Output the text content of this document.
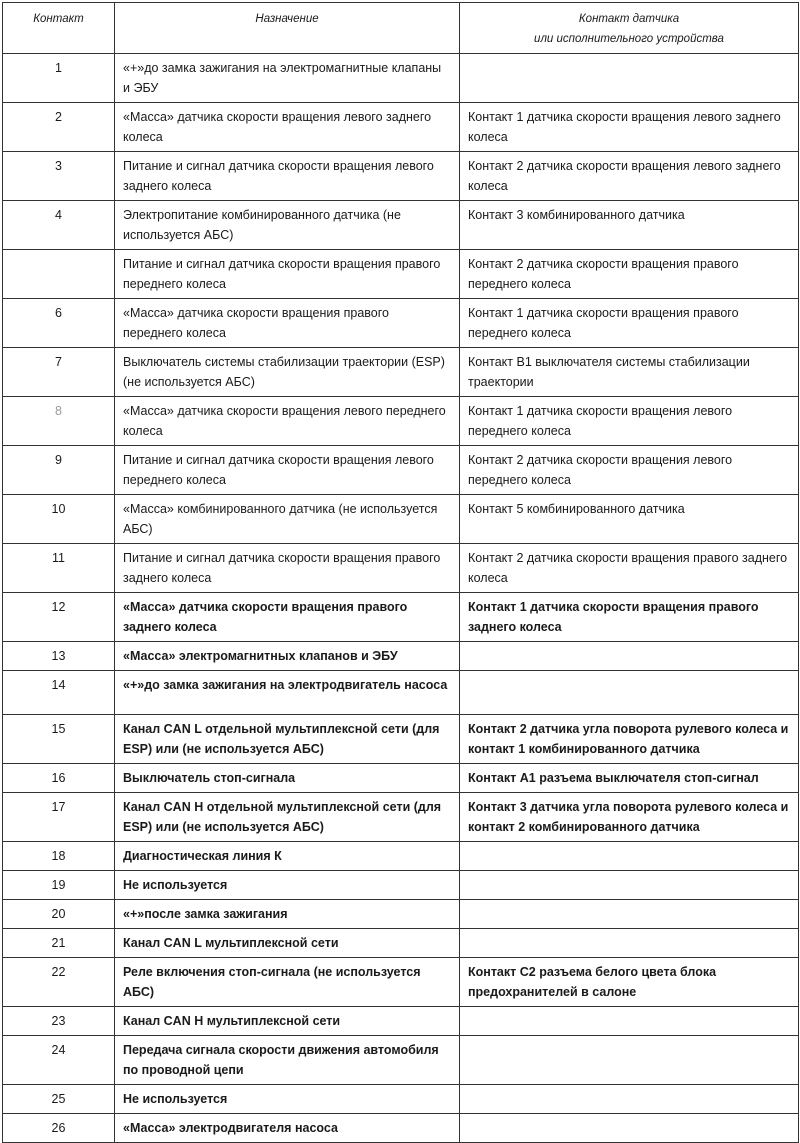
Контакт	Назначение	Контакт датчика
или исполнительного устройства

1	«+»до замка зажигания на электромагнитные клапаны и ЭБУ	
2	«Масса» датчика скорости вращения левого заднего колеса	Контакт 1 датчика скорости вращения левого заднего колеса
3	Питание и сигнал датчика скорости вращения левого заднего колеса	Контакт 2 датчика скорости вращения левого заднего колеса
4	Электропитание комбинированного датчика (не используется АБС)	Контакт 3 комбинированного датчика
	Питание и сигнал датчика скорости вращения правого переднего колеса	Контакт 2 датчика скорости вращения правого переднего колеса
6	«Масса» датчика скорости вращения правого переднего колеса	Контакт 1 датчика скорости вращения правого переднего колеса
7	Выключатель системы стабилизации траектории (ESP) (не используется АБС)	Контакт В1 выключателя системы стабилизации траектории
8	«Масса» датчика скорости вращения левого переднего колеса	Контакт 1 датчика скорости вращения левого переднего колеса
9	Питание и сигнал датчика скорости вращения левого переднего колеса	Контакт 2 датчика скорости вращения левого переднего колеса
10	«Масса» комбинированного датчика (не используется АБС)	Контакт 5 комбинированного датчика
11	Питание и сигнал датчика скорости вращения правого заднего колеса	Контакт 2 датчика скорости вращения правого заднего колеса
12	«Масса» датчика скорости вращения правого заднего колеса	Контакт 1 датчика скорости вращения правого заднего колеса
13	«Масса» электромагнитных клапанов и ЭБУ	
14	«+»до замка зажигания на электродвигатель насоса	
15	Канал CAN L отдельной мультиплексной сети (для ESP) или (не используется АБС)	Контакт 2 датчика угла поворота рулевого колеса и контакт 1 комбинированного датчика
16	Выключатель стоп-сигнала	Контакт А1 разъема выключателя стоп-сигнал
17	Канал CAN H отдельной мультиплексной сети (для ESP) или (не используется АБС)	Контакт 3 датчика угла поворота рулевого колеса и контакт 2 комбинированного датчика
18	Диагностическая линия К	
19	Не используется	
20	«+»после замка зажигания	
21	Канал CAN L мультиплексной сети	
22	Реле включения стоп-сигнала (не используется АБС)	Контакт С2 разъема белого цвета блока предохранителей в салоне
23	Канал CAN H мультиплексной сети	
24	Передача сигнала скорости движения автомобиля по проводной цепи	
25	Не используется	
26	«Масса» электродвигателя насоса	
